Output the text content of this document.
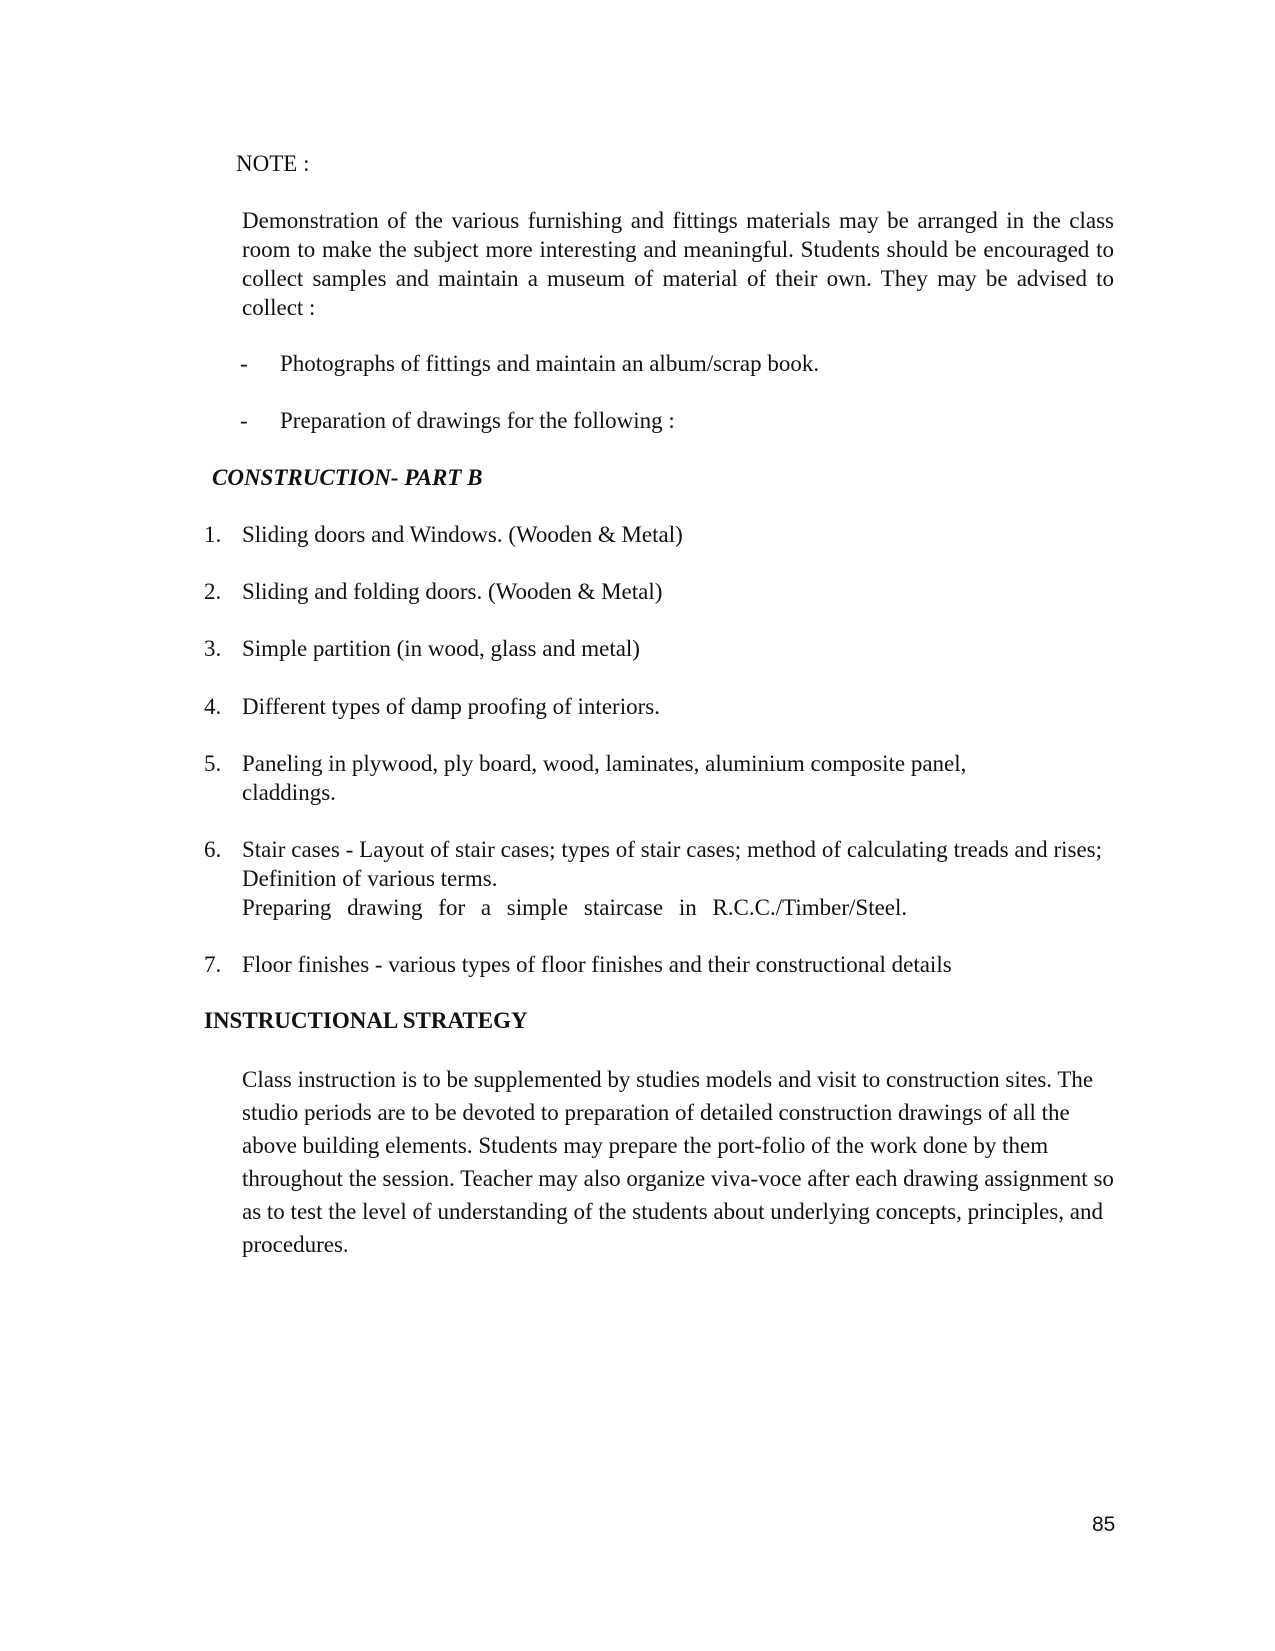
NOTE :
Demonstration of the various furnishing and fittings materials may be arranged in the class room to make the subject more interesting and meaningful. Students should be encouraged to collect samples and maintain a museum of material of their own. They may be advised to collect :
- Photographs of fittings and maintain an album/scrap book.
- Preparation of drawings for the following :
CONSTRUCTION- PART B
1. Sliding doors and Windows. (Wooden & Metal)
2. Sliding and folding doors. (Wooden & Metal)
3. Simple partition (in wood, glass and metal)
4. Different types of damp proofing of interiors.
5. Paneling in plywood, ply board, wood, laminates, aluminium composite panel, claddings.
6. Stair cases - Layout of stair cases; types of stair cases; method of calculating treads and rises; Definition of various terms.
Preparing drawing for a simple staircase in R.C.C./Timber/Steel.
7. Floor finishes - various types of floor finishes and their constructional details
INSTRUCTIONAL STRATEGY
Class instruction is to be supplemented by studies models and visit to construction sites. The studio periods are to be devoted to preparation of detailed construction drawings of all the above building elements. Students may prepare the port-folio of the work done by them throughout the session. Teacher may also organize viva-voce after each drawing assignment so as to test the level of understanding of the students about underlying concepts, principles, and procedures.
85
